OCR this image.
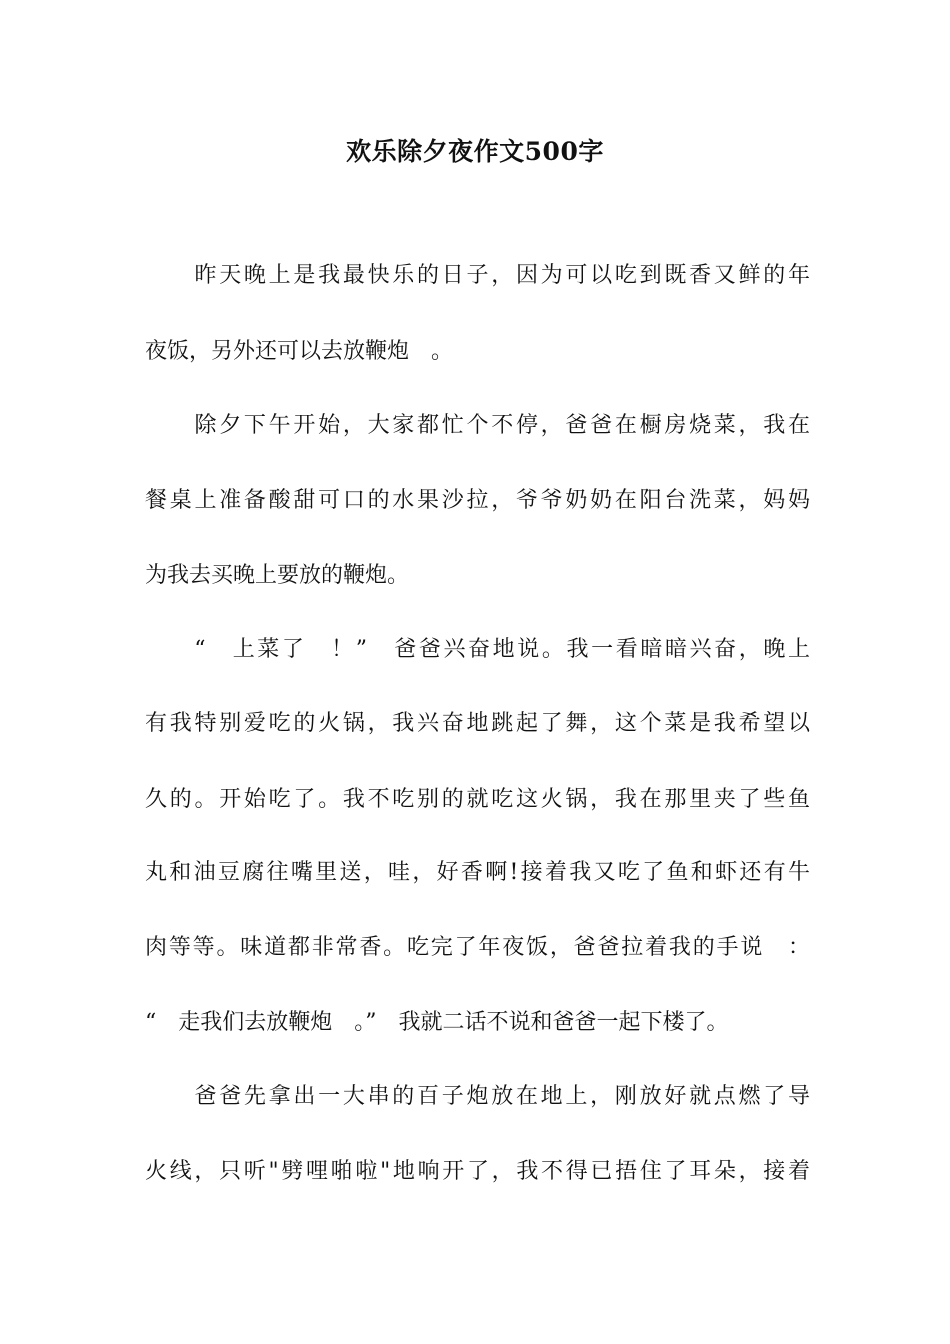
欢乐除夕夜作文500字

　　昨天晚上是我最快乐的日子，因为可以吃到既香又鲜的年

夜饭，另外还可以去放鞭炮　。

　　除夕下午开始，大家都忙个不停，爸爸在橱房烧菜，我在

餐桌上准备酸甜可口的水果沙拉，爷爷奶奶在阳台洗菜，妈妈

为我去买晚上要放的鞭炮。

　　“　上菜了　！”　爸爸兴奋地说。我一看暗暗兴奋，晚上

有我特别爱吃的火锅，我兴奋地跳起了舞，这个菜是我希望以

久的。开始吃了。我不吃别的就吃这火锅，我在那里夹了些鱼

丸和油豆腐往嘴里送，哇，好香啊!接着我又吃了鱼和虾还有牛

肉等等。味道都非常香。吃完了年夜饭，爸爸拉着我的手说　：

“　走我们去放鞭炮　。”　我就二话不说和爸爸一起下楼了。

　　爸爸先拿出一大串的百子炮放在地上，刚放好就点燃了导

火线，只听"劈哩啪啦"地响开了，我不得已捂住了耳朵，接着
